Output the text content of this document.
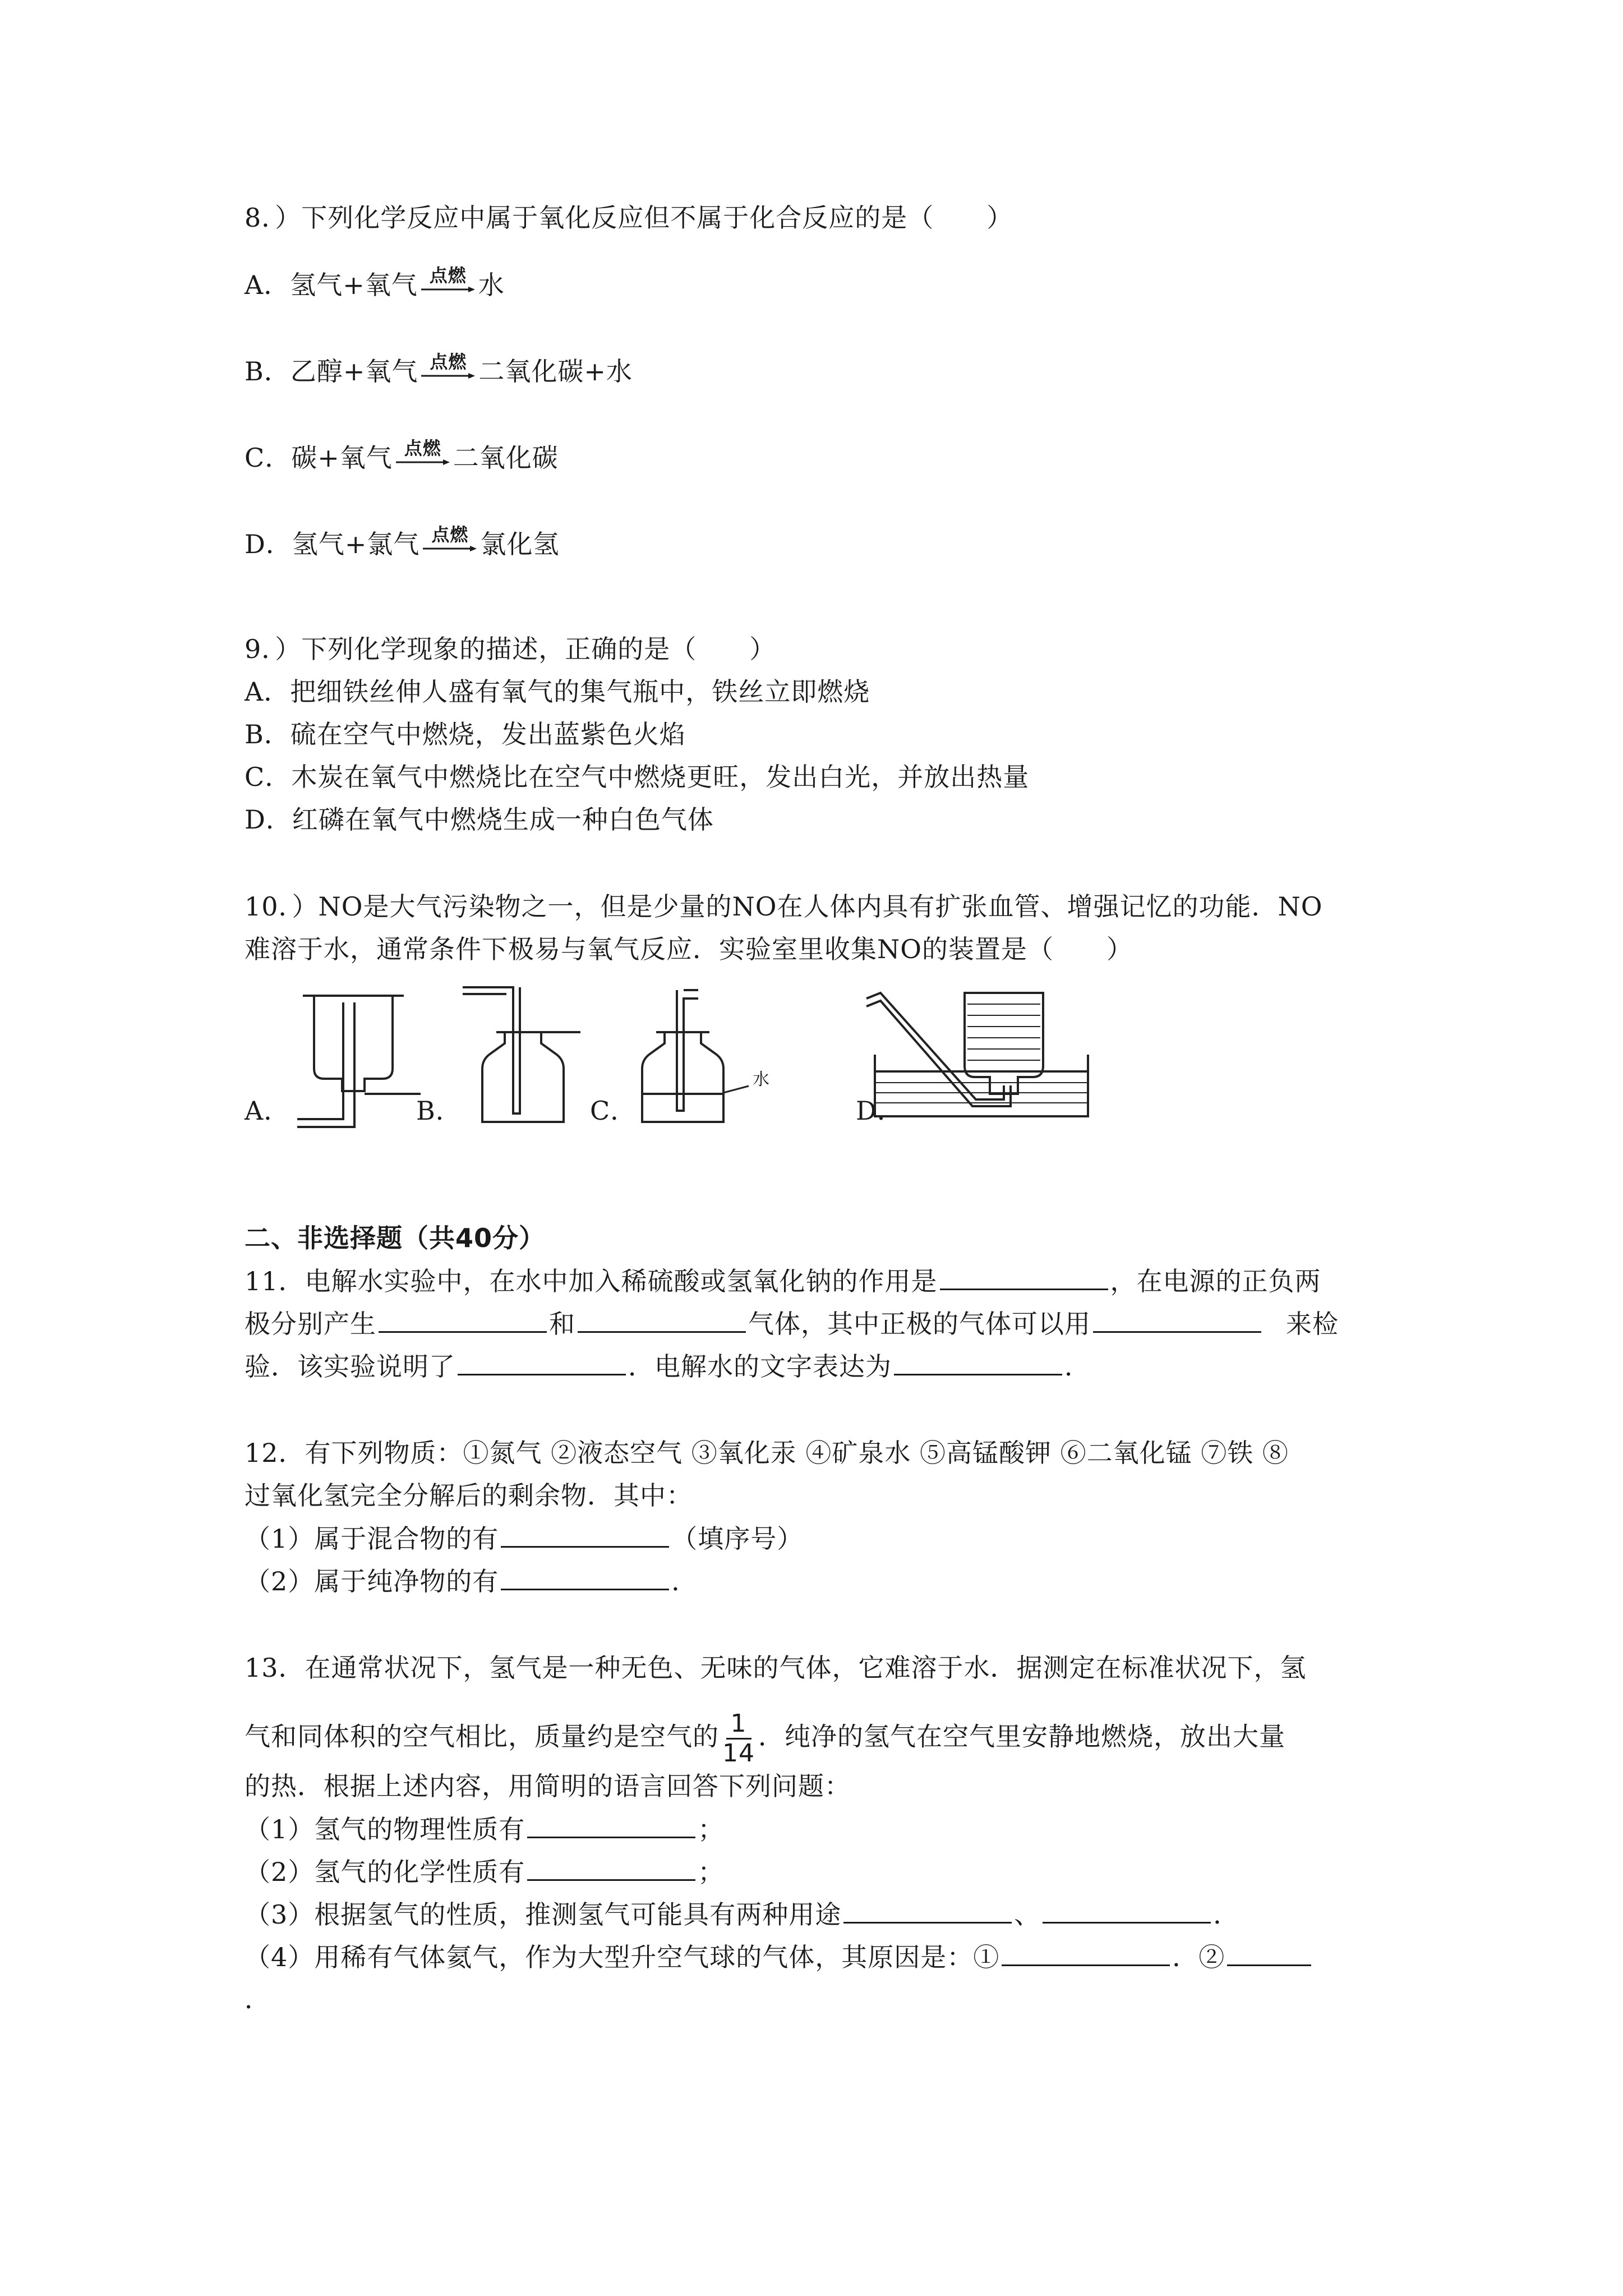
8．）下列化学反应中属于氧化反应但不属于化合反应的是（　　）
A．氢气+氧气 点燃 水
B．乙醇+氧气 点燃 二氧化碳+水
C．碳+氧气 点燃 二氧化碳
D．氢气+氯气 点燃 氯化氢
9．）下列化学现象的描述，正确的是（　　）
A．把细铁丝伸人盛有氧气的集气瓶中，铁丝立即燃烧
B．硫在空气中燃烧，发出蓝紫色火焰
C．木炭在氧气中燃烧比在空气中燃烧更旺，发出白光，并放出热量
D．红磷在氧气中燃烧生成一种白色气体
10．）NO是大气污染物之一，但是少量的NO在人体内具有扩张血管、增强记忆的功能．NO
难溶于水，通常条件下极易与氧气反应．实验室里收集NO的装置是（　　）
A．	B．	C．	D．
水
二、非选择题（共40分）
11．电解水实验中，在水中加入稀硫酸或氢氧化钠的作用是	，在电源的正负两
极分别产生	和	气体，其中正极的气体可以用	来检
验．该实验说明了	．电解水的文字表达为	．
12．有下列物质：①氮气 ②液态空气 ③氧化汞 ④矿泉水 ⑤高锰酸钾 ⑥二氧化锰 ⑦铁 ⑧
过氧化氢完全分解后的剩余物．其中：
（1）属于混合物的有	（填序号）
（2）属于纯净物的有	．
13．在通常状况下，氢气是一种无色、无味的气体，它难溶于水．据测定在标准状况下，氢
气和同体积的空气相比，质量约是空气的 $\frac{1}{14}$ ．纯净的氢气在空气里安静地燃烧，放出大量
的热．根据上述内容，用简明的语言回答下列问题：
（1）氢气的物理性质有	；
（2）氢气的化学性质有	；
（3）根据氢气的性质，推测氢气可能具有两种用途	、	．
（4）用稀有气体氦气，作为大型升空气球的气体，其原因是：①	．②
．
